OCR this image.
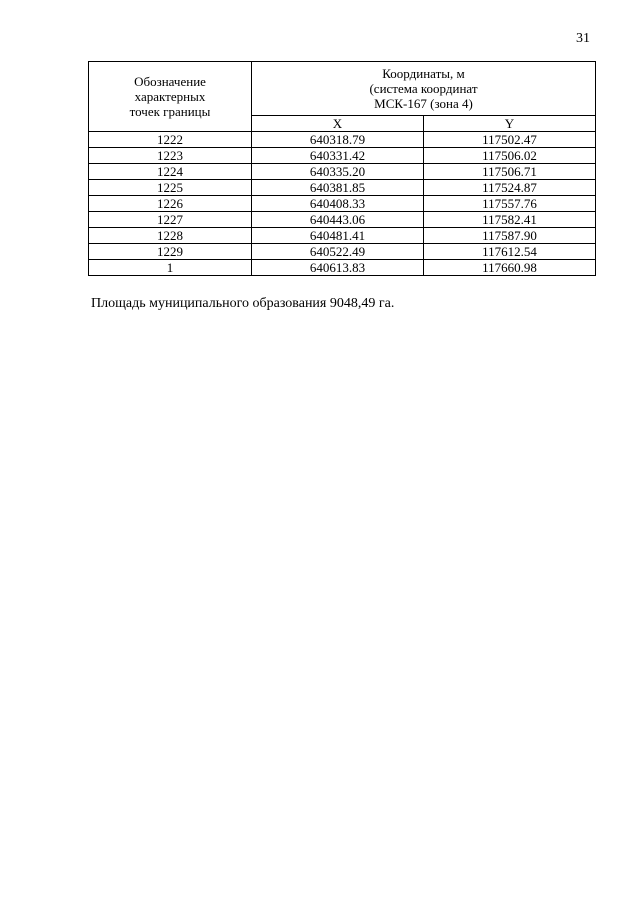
31
Обозначение
характерных
точек границы	Координаты, м
(система координат
МСК-167 (зона 4)	

	X	Y
1222	640318.79	117502.47
1223	640331.42	117506.02
1224	640335.20	117506.71
1225	640381.85	117524.87
1226	640408.33	117557.76
1227	640443.06	117582.41
1228	640481.41	117587.90
1229	640522.49	117612.54
1	640613.83	117660.98
Площадь муниципального образования 9048,49 га.
